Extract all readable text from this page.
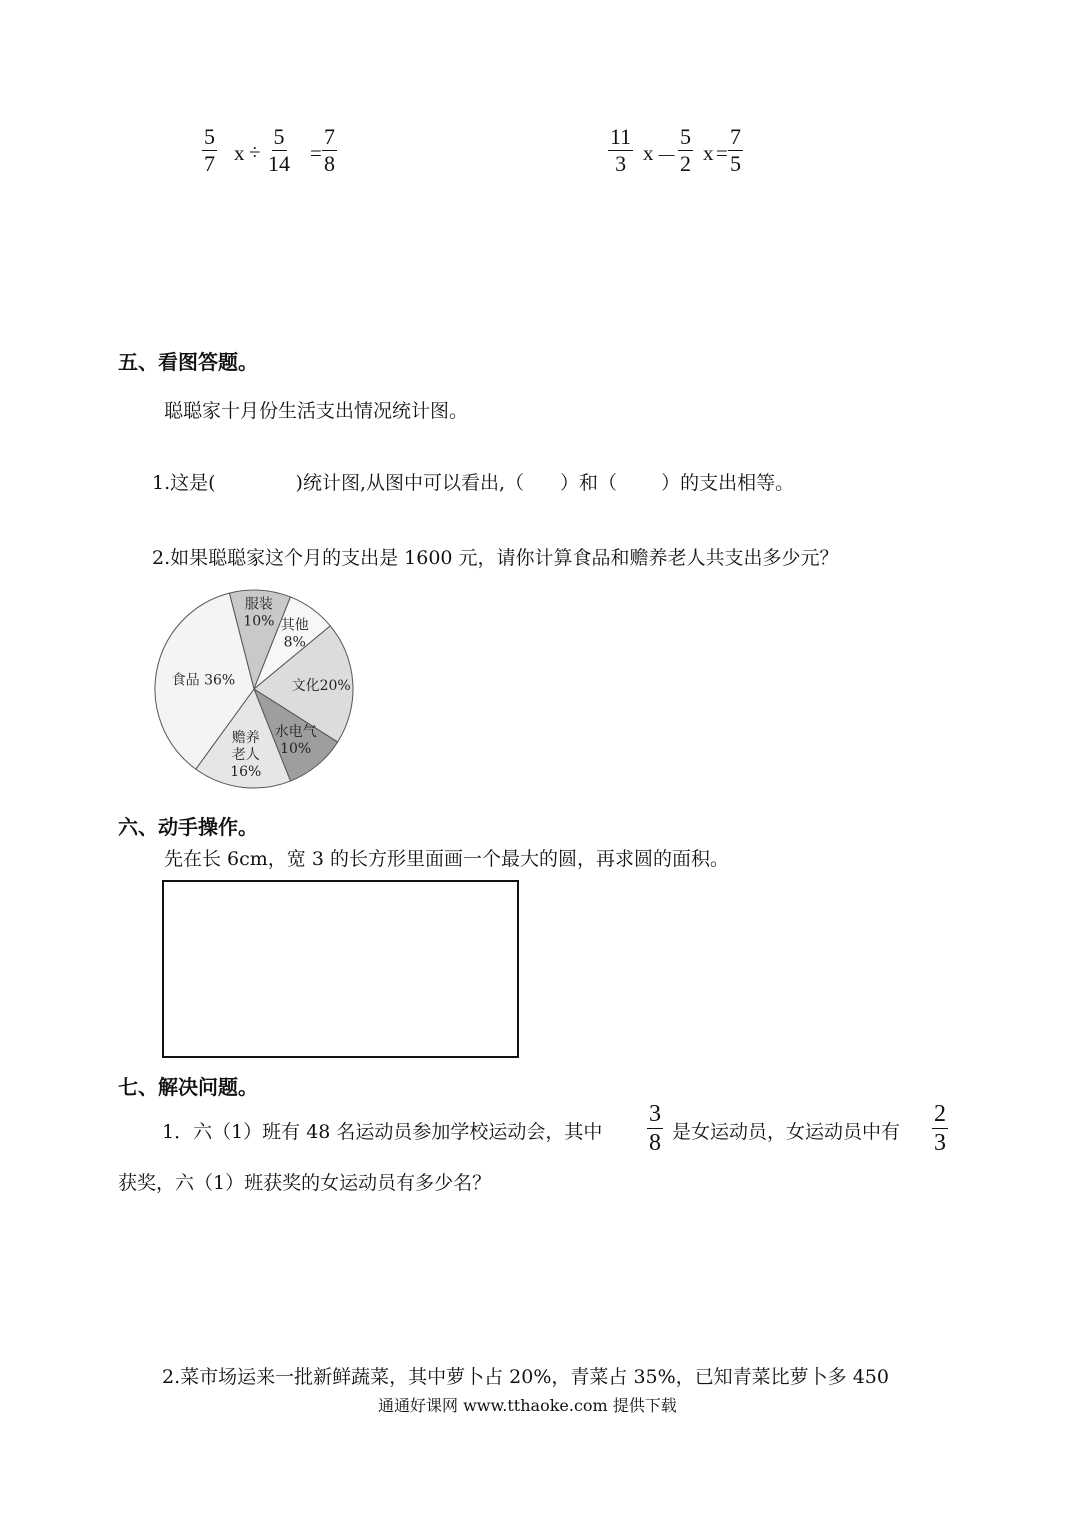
$\frac{5}{7}$ $x \div \frac{5}{14} = \frac{7}{8}$	$\frac{11}{3}$ $x - \frac{5}{2}$ $x = \frac{7}{5}$
五、看图答题。
聪聪家十月份生活支出情况统计图。
1.这是(	)统计图,从图中可以看出,（ ）和（ ）的支出相等。
2.如果聪聪家这个月的支出是 1600 元，请你计算食品和赡养老人共支出多少元？
服装 10% 其他 8%
文化20%
水电气 10%
赡养老人 16%
食品 36%
六、动手操作。
先在长 6cm，宽 3 的长方形里面画一个最大的圆，再求圆的面积。
七、解决问题。
1．六（1）班有 48 名运动员参加学校运动会，其中 $\frac{3}{8}$ 是女运动员，女运动员中有 $\frac{2}{3}$
获奖，六（1）班获奖的女运动员有多少名？
2.菜市场运来一批新鲜蔬菜，其中萝卜占 20%，青菜占 35%，已知青菜比萝卜多 450
通通好课网 www.tthaoke.com 提供下载
